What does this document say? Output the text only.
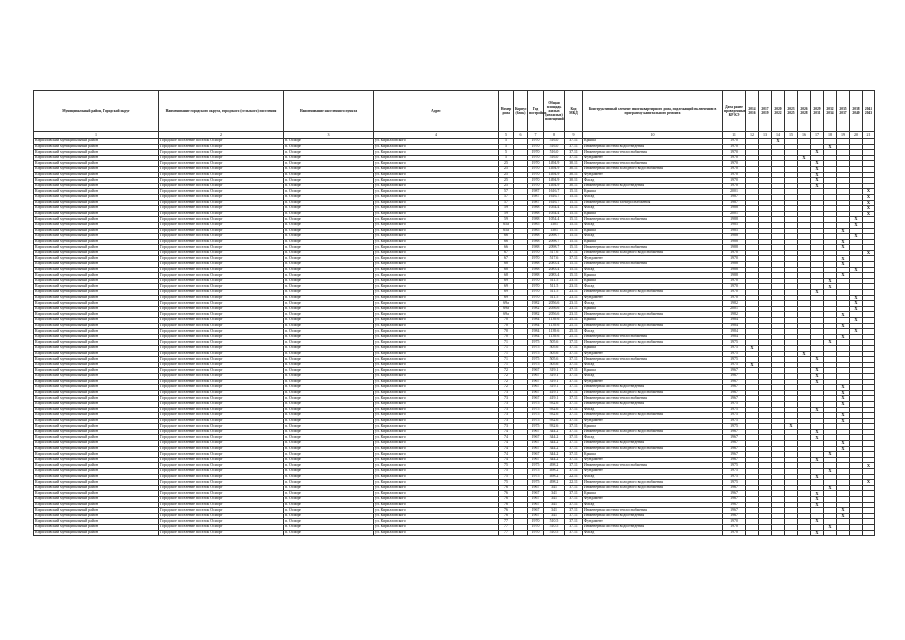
Муниципальный район, Городской округ	Наименование городского округа, городского (сельского) поселения	Наименование населенного пункта	Адрес	Номер дома	Корпус (блок)	Год постройки	Общая площадь жилых (нежилых) помещений	Код МКД	Конструктивный элемент многоквартирного дома, подлежащий включению в программу капитального ремонта	Дата ранее проведенных КР КЭ	2014 2016	2017 2019	2020 2022	2023 2025	2026 2028	2029 2031	2032 2034	2035 2037	2038 2040	2041 2043
1	2	3	4	5	6	7	8	9	10	11	12	13	14	15	16	17	18	19	20	21
Кирилловский муниципальный район	Городское поселение поселок Осиорг	п. Осиорг	ул. Кирилловского	5		1970	516.0	37.11	Крыша	1970			X							
Кирилловский муниципальный район	Городское поселение поселок Осиорг	п. Осиорг	ул. Кирилловского	5		1970	516.0	37.11	Инженерная система водоотведения	1970							X			
Кирилловский муниципальный район	Городское поселение поселок Осиорг	п. Осиорг	ул. Кирилловского	5		1970	516.0	37.11	Инженерная система теплоснабжения	1970						X				
Кирилловский муниципальный район	Городское поселение поселок Осиорг	п. Осиорг	ул. Кирилловского	5		1970	516.0	37.11	Фундамент	1970					X					
Кирилловский муниципальный район	Городское поселение поселок Осиорг	п. Осиорг	ул. Кирилловского	25		1970	1494.9	30.11	Инженерная система теплоснабжения	1970						X				
Кирилловский муниципальный район	Городское поселение поселок Осиорг	п. Осиорг	ул. Кирилловского	25		1970	1494.9	30.11	Инженерная система холодного водоснабжения	1970						X				
Кирилловский муниципальный район	Городское поселение поселок Осиорг	п. Осиорг	ул. Кирилловского	25		1970	1494.9	30.11	Фундамент	1970						X				
Кирилловский муниципальный район	Городское поселение поселок Осиорг	п. Осиорг	ул. Кирилловского	25		1970	1494.9	30.11	Фасад	1970						X				
Кирилловский муниципальный район	Городское поселение поселок Осиорг	п. Осиорг	ул. Кирилловского	25		1970	1494.9	30.11	Инженерная система водоотведения	1970						X				
Кирилловский муниципальный район	Городское поселение поселок Осиорг	п. Осиорг	ул. Кирилловского	57		1987	1616.7	15.11	Крыша	2001										X
Кирилловский муниципальный район	Городское поселение поселок Осиорг	п. Осиорг	ул. Кирилловского	57		1987	1616.7	15.11	Фасад	1987										X
Кирилловский муниципальный район	Городское поселение поселок Осиорг	п. Осиорг	ул. Кирилловского	57		1987	1616.7	15.11	Инженерная система электроснабжения	1987										X
Кирилловский муниципальный район	Городское поселение поселок Осиорг	п. Осиорг	ул. Кирилловского	59		1988	1054.4	15.11	Фасад	1988										X
Кирилловский муниципальный район	Городское поселение поселок Осиорг	п. Осиорг	ул. Кирилловского	59		1988	1054.4	15.11	Крыша	2001										X
Кирилловский муниципальный район	Городское поселение поселок Осиорг	п. Осиорг	ул. Кирилловского	59		1988	1054.4	15.11	Инженерная система теплоснабжения	1988									X	
Кирилловский муниципальный район	Городское поселение поселок Осиорг	п. Осиорг	ул. Кирилловского	65а		1985	1301	15.11	Фасад	1985									X	
Кирилловский муниципальный район	Городское поселение поселок Осиорг	п. Осиорг	ул. Кирилловского	65а		1985	1301	15.11	Крыша	1985								X		
Кирилловский муниципальный район	Городское поселение поселок Осиорг	п. Осиорг	ул. Кирилловского	66		1988	2098.7	15.11	Фасад	1988									X	
Кирилловский муниципальный район	Городское поселение поселок Осиорг	п. Осиорг	ул. Кирилловского	66		1988	2098.7	15.11	Крыша	1988								X		
Кирилловский муниципальный район	Городское поселение поселок Осиорг	п. Осиорг	ул. Кирилловского	66		1988	2098.7	15.11	Инженерная система теплоснабжения	1988								X		
Кирилловский муниципальный район	Городское поселение поселок Осиорг	п. Осиорг	ул. Кирилловского	67		1970	517.6	37.11	Инженерная система холодного водоснабжения	1970										X
Кирилловский муниципальный район	Городское поселение поселок Осиорг	п. Осиорг	ул. Кирилловского	67		1970	517.6	37.11	Фундамент	1970								X		
Кирилловский муниципальный район	Городское поселение поселок Осиорг	п. Осиорг	ул. Кирилловского	68		1988	2083.4	15.11	Инженерная система теплоснабжения	1988								X		
Кирилловский муниципальный район	Городское поселение поселок Осиорг	п. Осиорг	ул. Кирилловского	68		1988	2083.4	15.11	Фасад	1988									X	
Кирилловский муниципальный район	Городское поселение поселок Осиорг	п. Осиорг	ул. Кирилловского	68		1988	2083.4	15.11	Крыша	1988								X		
Кирилловский муниципальный район	Городское поселение поселок Осиорг	п. Осиорг	ул. Кирилловского	69		1970	511.5	23.11	Крыша	1970							X			
Кирилловский муниципальный район	Городское поселение поселок Осиорг	п. Осиорг	ул. Кирилловского	69		1970	511.5	23.11	Фасад	1970							X			
Кирилловский муниципальный район	Городское поселение поселок Осиорг	п. Осиорг	ул. Кирилловского	69		1970	511.5	23.11	Инженерная система холодного водоснабжения	1970						X				
Кирилловский муниципальный район	Городское поселение поселок Осиорг	п. Осиорг	ул. Кирилловского	69		1970	511.5	23.11	Фундамент	1970									X	
Кирилловский муниципальный район	Городское поселение поселок Осиорг	п. Осиорг	ул. Кирилловского	69а		1982	2056.6	23.11	Фасад	1982									X	
Кирилловский муниципальный район	Городское поселение поселок Осиорг	п. Осиорг	ул. Кирилловского	69а		1982	2056.6	23.11	Крыша	2001									X	
Кирилловский муниципальный район	Городское поселение поселок Осиорг	п. Осиорг	ул. Кирилловского	69а		1982	2056.6	23.11	Инженерная система холодного водоснабжения	1982								X		
Кирилловский муниципальный район	Городское поселение поселок Осиорг	п. Осиорг	ул. Кирилловского	70		1984	1139.6	25.11	Крыша	1984									X	
Кирилловский муниципальный район	Городское поселение поселок Осиорг	п. Осиорг	ул. Кирилловского	70		1984	1139.6	25.11	Инженерная система холодного водоснабжения	1984								X		
Кирилловский муниципальный район	Городское поселение поселок Осиорг	п. Осиорг	ул. Кирилловского	70		1984	1139.6	25.11	Фасад	1984									X	
Кирилловский муниципальный район	Городское поселение поселок Осиорг	п. Осиорг	ул. Кирилловского	70		1984	1139.6	25.11	Инженерная система теплоснабжения	1984								X		
Кирилловский муниципальный район	Городское поселение поселок Осиорг	п. Осиорг	ул. Кирилловского	71		1975	505.6	37.11	Инженерная система холодного водоснабжения	1975							X			
Кирилловский муниципальный район	Городское поселение поселок Осиорг	п. Осиорг	ул. Кирилловского	71		1975	505.6	37.11	Крыша	1975	X									
Кирилловский муниципальный район	Городское поселение поселок Осиорг	п. Осиорг	ул. Кирилловского	71		1975	505.6	37.11	Фундамент	1975					X					
Кирилловский муниципальный район	Городское поселение поселок Осиорг	п. Осиорг	ул. Кирилловского	71		1975	505.6	37.11	Инженерная система теплоснабжения	1975						X				
Кирилловский муниципальный район	Городское поселение поселок Осиорг	п. Осиорг	ул. Кирилловского	71		1975	505.6	37.11	Фасад	1975	X									
Кирилловский муниципальный район	Городское поселение поселок Осиорг	п. Осиорг	ул. Кирилловского	72		1967	319.1	37.11	Крыша	1967						X				
Кирилловский муниципальный район	Городское поселение поселок Осиорг	п. Осиорг	ул. Кирилловского	72		1967	319.1	37.11	Фасад	1967						X				
Кирилловский муниципальный район	Городское поселение поселок Осиорг	п. Осиорг	ул. Кирилловского	72		1967	319.1	37.11	Фундамент	1967						X				
Кирилловский муниципальный район	Городское поселение поселок Осиорг	п. Осиорг	ул. Кирилловского	72		1967	319.1	37.11	Инженерная система водоотведения	1967								X		
Кирилловский муниципальный район	Городское поселение поселок Осиорг	п. Осиорг	ул. Кирилловского	73		1967	419.1	37.11	Инженерная система холодного водоснабжения	1967								X		
Кирилловский муниципальный район	Городское поселение поселок Осиорг	п. Осиорг	ул. Кирилловского	73		1967	419.1	37.11	Инженерная система теплоснабжения	1967								X		
Кирилловский муниципальный район	Городское поселение поселок Осиорг	п. Осиорг	ул. Кирилловского	73		1975	932.6	37.11	Инженерная система водоотведения	1975								X		
Кирилловский муниципальный район	Городское поселение поселок Осиорг	п. Осиорг	ул. Кирилловского	73		1975	932.6	37.11	Фасад	1975						X				
Кирилловский муниципальный район	Городское поселение поселок Осиорг	п. Осиорг	ул. Кирилловского	73		1975	932.6	37.11	Инженерная система холодного водоснабжения	1975								X		
Кирилловский муниципальный район	Городское поселение поселок Осиорг	п. Осиорг	ул. Кирилловского	73		1975	932.6	37.11	Фундамент	1975								X		
Кирилловский муниципальный район	Городское поселение поселок Осиорг	п. Осиорг	ул. Кирилловского	73		1975	932.6	37.11	Крыша	1975				X						
Кирилловский муниципальный район	Городское поселение поселок Осиорг	п. Осиорг	ул. Кирилловского	74		1967	344.2	37.11	Инженерная система холодного водоснабжения	1967						X				
Кирилловский муниципальный район	Городское поселение поселок Осиорг	п. Осиорг	ул. Кирилловского	74		1967	344.2	37.11	Фасад	1967						X				
Кирилловский муниципальный район	Городское поселение поселок Осиорг	п. Осиорг	ул. Кирилловского	74		1967	344.2	37.11	Инженерная система водоотведения	1967								X		
Кирилловский муниципальный район	Городское поселение поселок Осиорг	п. Осиорг	ул. Кирилловского	74		1967	344.2	37.11	Инженерная система холодного водоснабжения	1967								X		
Кирилловский муниципальный район	Городское поселение поселок Осиорг	п. Осиорг	ул. Кирилловского	74		1967	344.2	37.11	Крыша	1967							X			
Кирилловский муниципальный район	Городское поселение поселок Осиорг	п. Осиорг	ул. Кирилловского	74		1967	344.2	37.11	Фундамент	1967						X				
Кирилловский муниципальный район	Городское поселение поселок Осиорг	п. Осиорг	ул. Кирилловского	75		1975	498.2	37.11	Инженерная система теплоснабжения	1975										X
Кирилловский муниципальный район	Городское поселение поселок Осиорг	п. Осиорг	ул. Кирилловского	75		1975	498.2	37.11	Фундамент	1975							X			
Кирилловский муниципальный район	Городское поселение поселок Осиорг	п. Осиорг	ул. Кирилловского	75		1975	498.2	22.11	Фасад	1975						X				
Кирилловский муниципальный район	Городское поселение поселок Осиорг	п. Осиорг	ул. Кирилловского	75		1975	498.2	22.11	Инженерная система холодного водоснабжения	1975										X
Кирилловский муниципальный район	Городское поселение поселок Осиорг	п. Осиорг	ул. Кирилловского	76		1967	341	37.11	Инженерная система холодного водоснабжения	1967							X			
Кирилловский муниципальный район	Городское поселение поселок Осиорг	п. Осиорг	ул. Кирилловского	76		1967	341	37.11	Крыша	1967						X				
Кирилловский муниципальный район	Городское поселение поселок Осиорг	п. Осиорг	ул. Кирилловского	76		1967	341	37.11	Фундамент	1967						X				
Кирилловский муниципальный район	Городское поселение поселок Осиорг	п. Осиорг	ул. Кирилловского	76		1967	341	37.11	Фасад	1967						X				
Кирилловский муниципальный район	Городское поселение поселок Осиорг	п. Осиорг	ул. Кирилловского	76		1967	341	37.11	Инженерная система теплоснабжения	1967								X		
Кирилловский муниципальный район	Городское поселение поселок Осиорг	п. Осиорг	ул. Кирилловского	76		1967	341	37.11	Инженерная система водоотведения	1967								X		
Кирилловский муниципальный район	Городское поселение поселок Осиорг	п. Осиорг	ул. Кирилловского	77		1970	510.5	37.11	Фундамент	1970						X				
Кирилловский муниципальный район	Городское поселение поселок Осиорг	п. Осиорг	ул. Кирилловского	77		1970	510.5	37.11	Инженерная система водоотведения	1970							X			
Кирилловский муниципальный район	Городское поселение поселок Осиорг	п. Осиорг	ул. Кирилловского	77		1970	510.5	37.11	Фасад	1970						X				
